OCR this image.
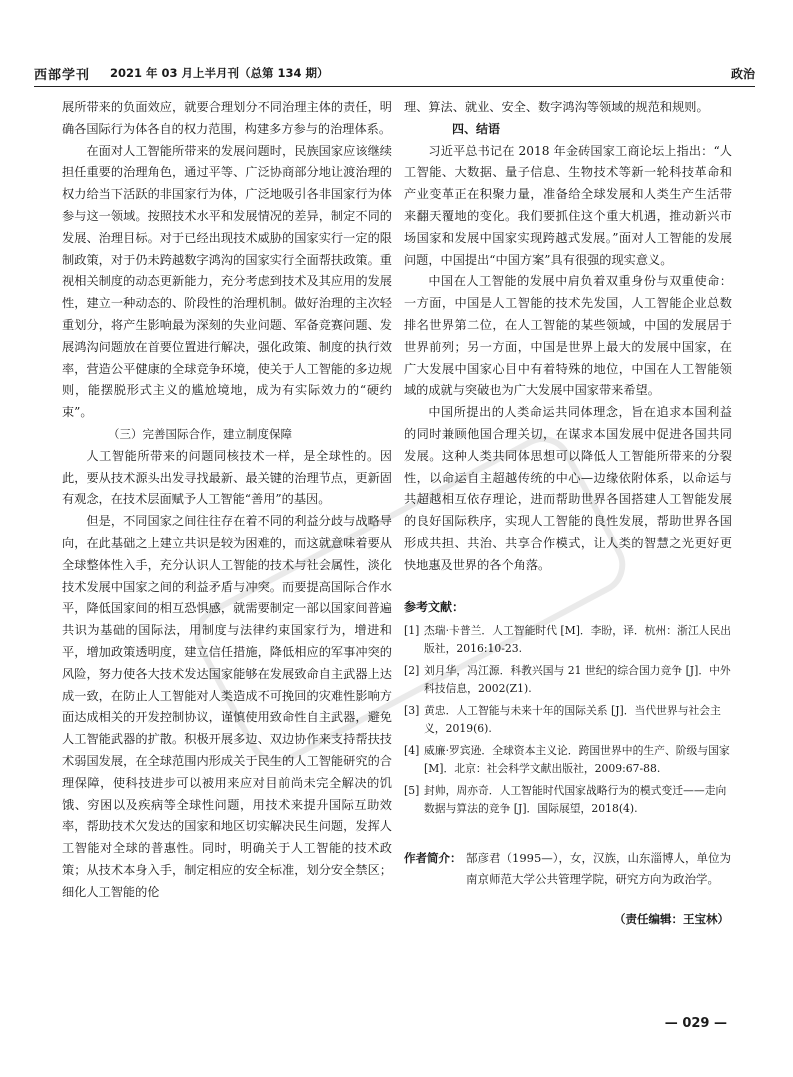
西部学刊 2021 年 03 月上半月刊（总第 134 期）	政治

展所带来的负面效应，就要合理划分不同治理主体的责任，明确各国际行为体各自的权力范围，构建多方参与的治理体系。

在面对人工智能所带来的发展问题时，民族国家应该继续担任重要的治理角色，通过平等、广泛协商部分地让渡治理的权力给当下活跃的非国家行为体，广泛地吸引各非国家行为体参与这一领域。按照技术水平和发展情况的差异，制定不同的发展、治理目标。对于已经出现技术威胁的国家实行一定的限制政策，对于仍未跨越数字鸿沟的国家实行全面帮扶政策。重视相关制度的动态更新能力，充分考虑到技术及其应用的发展性，建立一种动态的、阶段性的治理机制。做好治理的主次轻重划分，将产生影响最为深刻的失业问题、军备竞赛问题、发展鸿沟问题放在首要位置进行解决，强化政策、制度的执行效率，营造公平健康的全球竞争环境，使关于人工智能的多边规则，能摆脱形式主义的尴尬境地，成为有实际效力的“硬约束”。

（三）完善国际合作，建立制度保障

人工智能所带来的问题同核技术一样，是全球性的。因此，要从技术源头出发寻找最新、最关键的治理节点，更新固有观念，在技术层面赋予人工智能“善用”的基因。

但是，不同国家之间往往存在着不同的利益分歧与战略导向，在此基础之上建立共识是较为困难的，而这就意味着要从全球整体性入手，充分认识人工智能的技术与社会属性，淡化技术发展中国家之间的利益矛盾与冲突。而要提高国际合作水平，降低国家间的相互恐惧感，就需要制定一部以国家间普遍共识为基础的国际法，用制度与法律约束国家行为，增进和平，增加政策透明度，建立信任措施，降低相应的军事冲突的风险，努力使各大技术发达国家能够在发展致命自主武器上达成一致，在防止人工智能对人类造成不可挽回的灾难性影响方面达成相关的开发控制协议，谨慎使用致命性自主武器，避免人工智能武器的扩散。积极开展多边、双边协作来支持帮扶技术弱国发展，在全球范围内形成关于民生的人工智能研究的合理保障，使科技进步可以被用来应对目前尚未完全解决的饥饿、穷困以及疾病等全球性问题，用技术来提升国际互助效率，帮助技术欠发达的国家和地区切实解决民生问题，发挥人工智能对全球的普惠性。同时，明确关于人工智能的技术政策；从技术本身入手，制定相应的安全标准，划分安全禁区；细化人工智能的伦

理、算法、就业、安全、数字鸿沟等领域的规范和规则。

四、结语

习近平总书记在 2018 年金砖国家工商论坛上指出：“人工智能、大数据、量子信息、生物技术等新一轮科技革命和产业变革正在积聚力量，准备给全球发展和人类生产生活带来翻天覆地的变化。我们要抓住这个重大机遇，推动新兴市场国家和发展中国家实现跨越式发展。”面对人工智能的发展问题，中国提出“中国方案”具有很强的现实意义。

中国在人工智能的发展中肩负着双重身份与双重使命：一方面，中国是人工智能的技术先发国，人工智能企业总数排名世界第二位，在人工智能的某些领域，中国的发展居于世界前列；另一方面，中国是世界上最大的发展中国家，在广大发展中国家心目中有着特殊的地位，中国在人工智能领域的成就与突破也为广大发展中国家带来希望。

中国所提出的人类命运共同体理念，旨在追求本国利益的同时兼顾他国合理关切，在谋求本国发展中促进各国共同发展。这种人类共同体思想可以降低人工智能所带来的分裂性，以命运自主超越传统的中心—边缘依附体系，以命运与共超越相互依存理论，进而帮助世界各国搭建人工智能发展的良好国际秩序，实现人工智能的良性发展，帮助世界各国形成共担、共治、共享合作模式，让人类的智慧之光更好更快地惠及世界的各个角落。

参考文献：
[1] 杰瑞·卡普兰．人工智能时代 [M]．李盼，译．杭州：浙江人民出版社，2016:10-23.
[2] 刘月华，冯江源．科教兴国与 21 世纪的综合国力竞争 [J]．中外科技信息，2002(Z1).
[3] 黄忠．人工智能与未来十年的国际关系 [J]．当代世界与社会主义，2019(6).
[4] 威廉·罗宾逊．全球资本主义论．跨国世界中的生产、阶级与国家 [M]．北京：社会科学文献出版社，2009:67-88.
[5] 封帅，周亦奇．人工智能时代国家战略行为的模式变迁——走向数据与算法的竞争 [J]．国际展望，2018(4).
作者简介： 郜彦君（1995—），女，汉族，山东淄博人，单位为南京师范大学公共管理学院，研究方向为政治学。
（责任编辑：王宝林）
— 029 —
